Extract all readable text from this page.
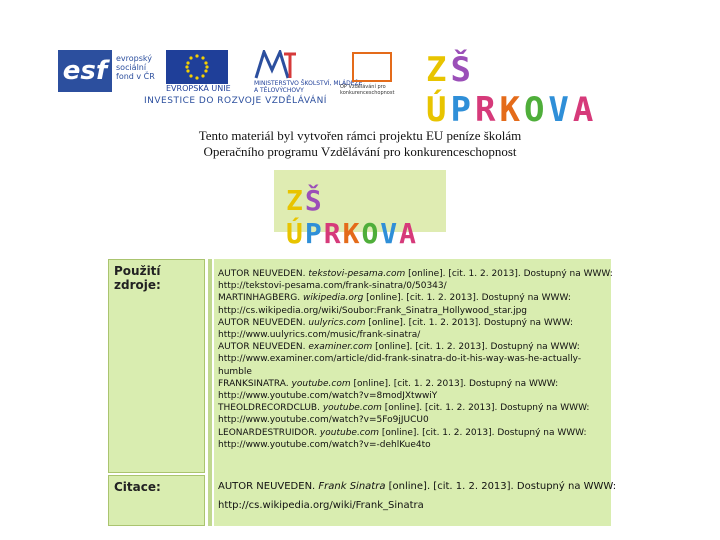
esf	evropský
sociální
fond v ČR
EVROPSKÁ UNIE
MINISTERSTVO ŠKOLSTVÍ, MLÁDEŽE A TĚLOVÝCHOVY	OP Vzdělávání pro konkurenceschopnost
ZŠ ÚPRKOVA
INVESTICE DO ROZVOJE VZDĚLÁVÁNÍ
Tento materiál byl vytvořen rámci projektu EU peníze školám
Operačního programu Vzdělávání pro konkurenceschopnost
ZŠ ÚPRKOVA
Použití zdroje:
Citace:
AUTOR NEUVEDEN. tekstovi-pesama.com [online]. [cit. 1. 2. 2013]. Dostupný na WWW:
http://tekstovi-pesama.com/frank-sinatra/0/50343/
MARTINHAGBERG. wikipedia.org [online]. [cit. 1. 2. 2013]. Dostupný na WWW:
http://cs.wikipedia.org/wiki/Soubor:Frank_Sinatra_Hollywood_star.jpg
AUTOR NEUVEDEN. uulyrics.com [online]. [cit. 1. 2. 2013]. Dostupný na WWW:
http://www.uulyrics.com/music/frank-sinatra/
AUTOR NEUVEDEN. examiner.com [online]. [cit. 1. 2. 2013]. Dostupný na WWW:
http://www.examiner.com/article/did-frank-sinatra-do-it-his-way-was-he-actually-
humble
FRANKSINATRA. youtube.com [online]. [cit. 1. 2. 2013]. Dostupný na WWW:
http://www.youtube.com/watch?v=8modJXtwwiY
THEOLDRECORDCLUB. youtube.com [online]. [cit. 1. 2. 2013]. Dostupný na WWW:
http://www.youtube.com/watch?v=5Fo9jJUCU0
LEONARDESTRUIDOR. youtube.com [online]. [cit. 1. 2. 2013]. Dostupný na WWW:
http://www.youtube.com/watch?v=-dehlKue4to
AUTOR NEUVEDEN. Frank Sinatra [online]. [cit. 1. 2. 2013]. Dostupný na WWW:
http://cs.wikipedia.org/wiki/Frank_Sinatra
